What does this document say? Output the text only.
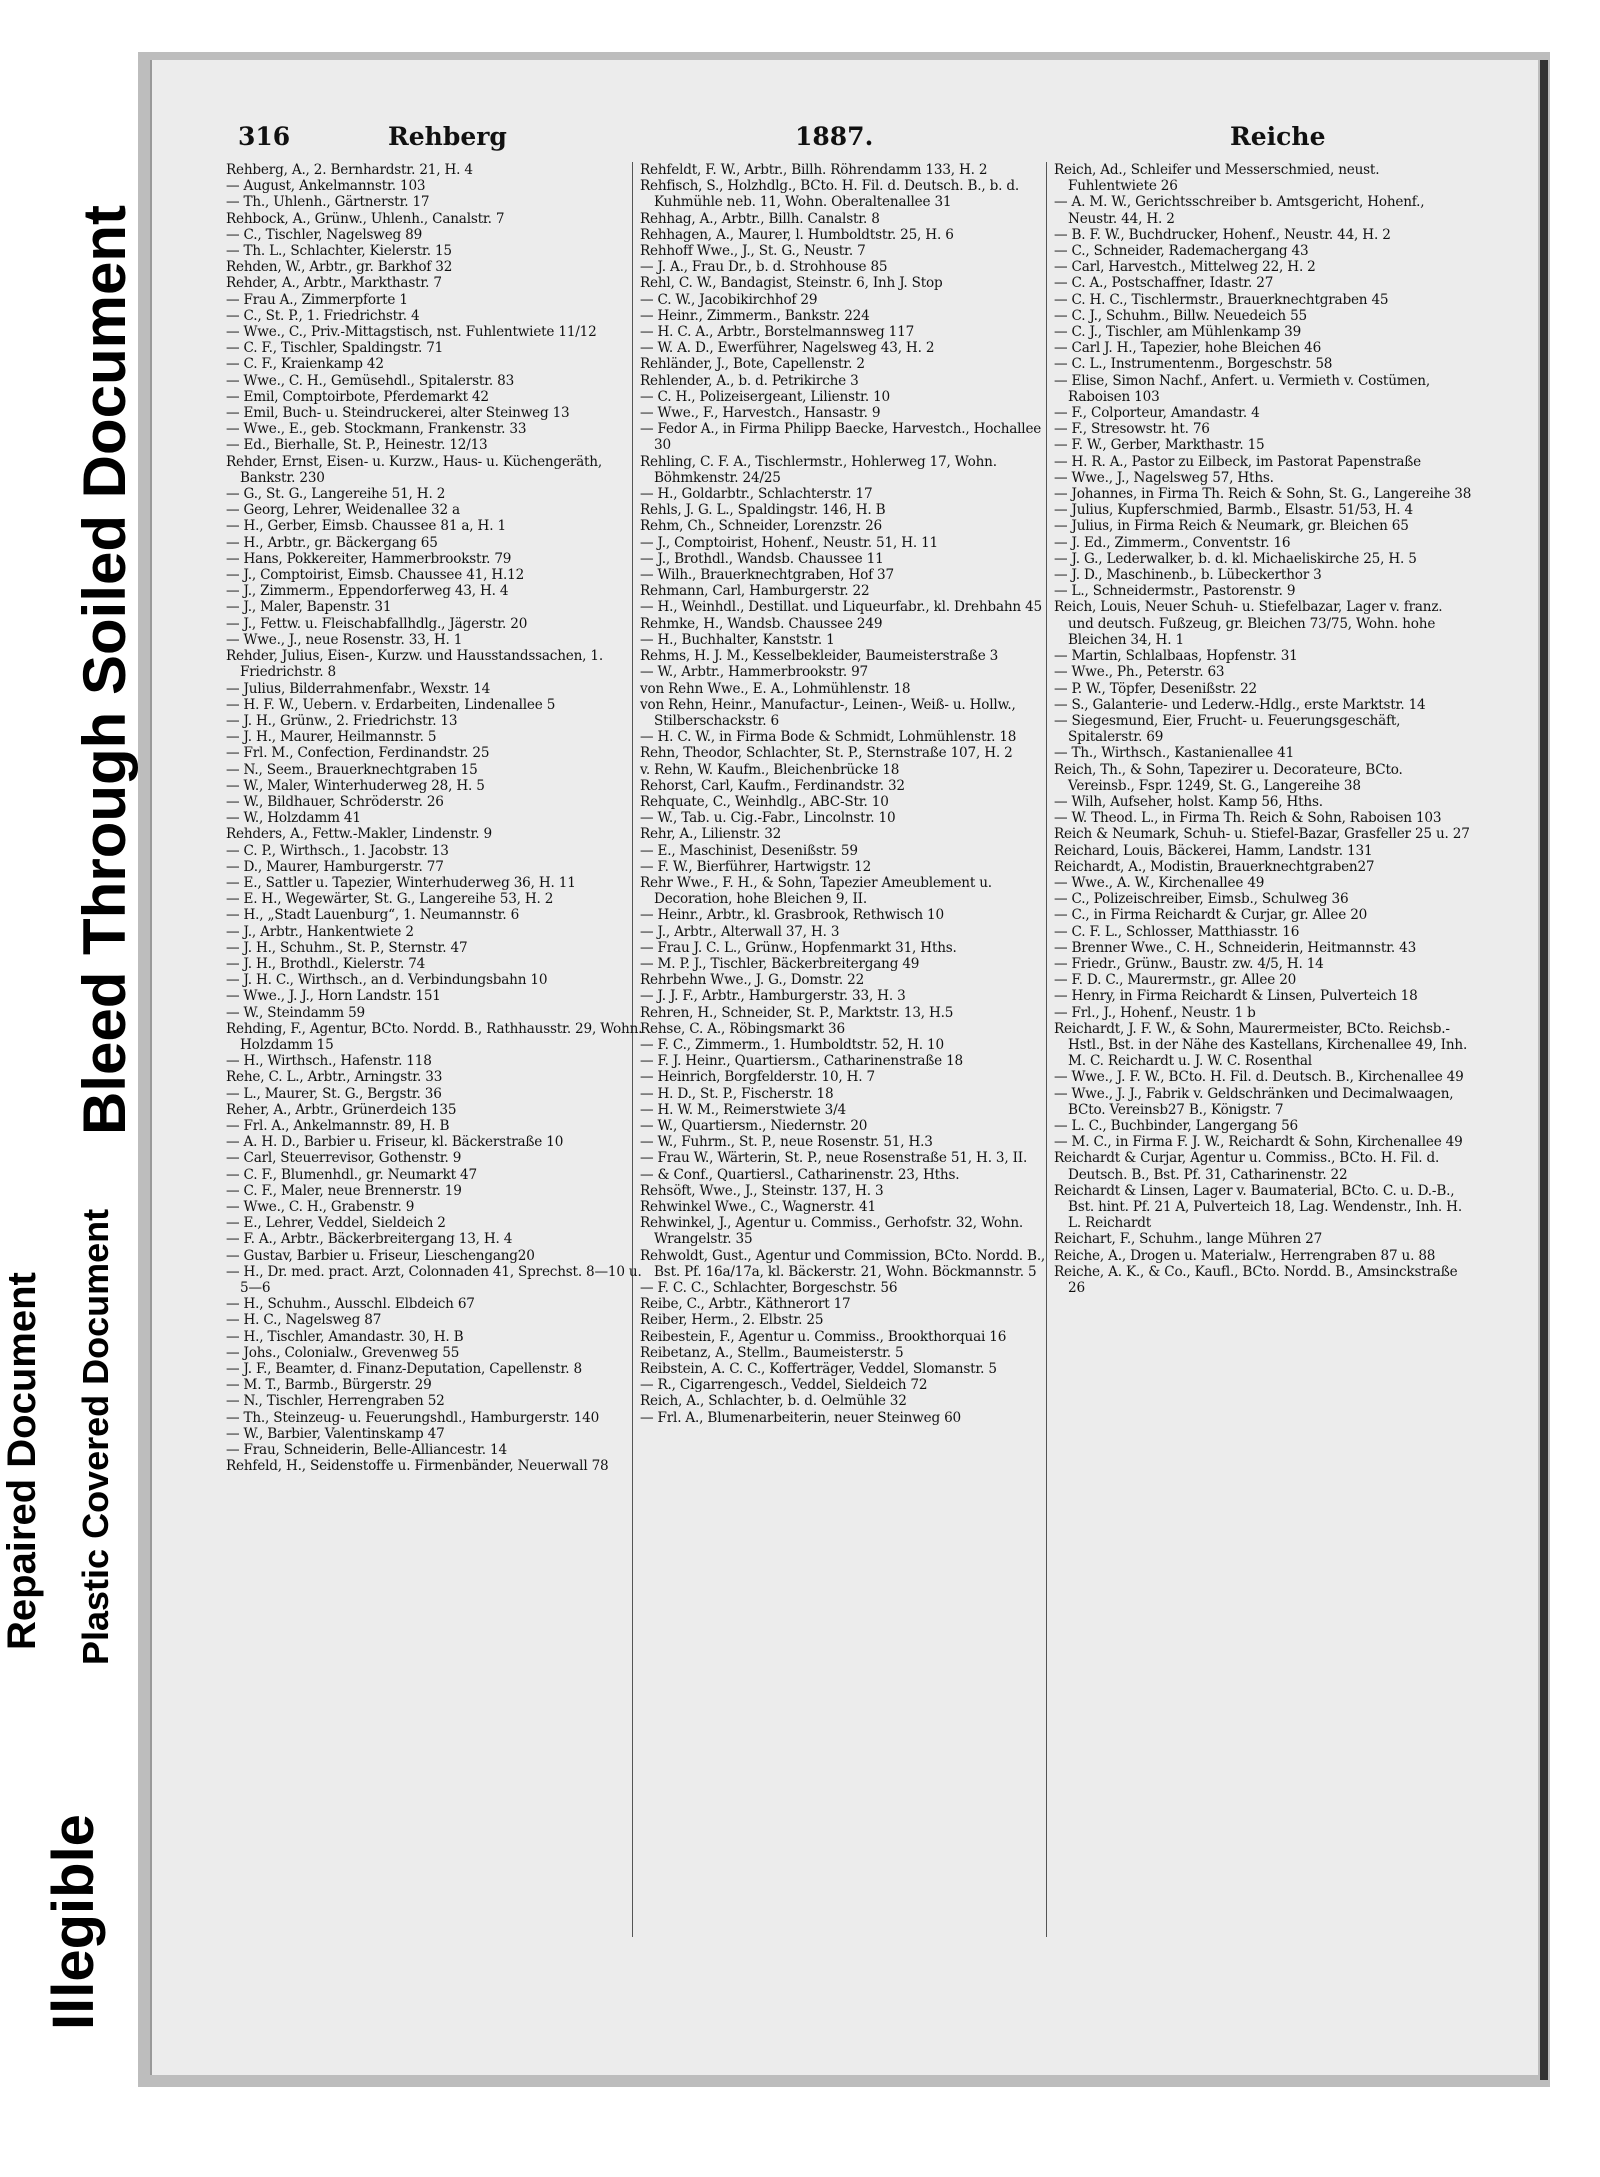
Illegible
Repaired Document Plastic Covered Document
Bleed Through Soiled Document
316	Rehberg	1887.	Reiche
Rehberg, A., 2. Bernhardstr. 21, H. 4
— August, Ankelmannstr. 103
— Th., Uhlenh., Gärtnerstr. 17
Rehbock, A., Grünw., Uhlenh., Canalstr. 7
— C., Tischler, Nagelsweg 89
— Th. L., Schlachter, Kielerstr. 15
Rehden, W., Arbtr., gr. Barkhof 32
Rehder, A., Arbtr., Markthastr. 7
— Frau A., Zimmerpforte 1
— C., St. P., 1. Friedrichstr. 4
— Wwe., C., Priv.-Mittagstisch, nst. Fuhlentwiete 11/12
— C. F., Tischler, Spaldingstr. 71
— C. F., Kraienkamp 42
— Wwe., C. H., Gemüsehdl., Spitalerstr. 83
— Emil, Comptoirbote, Pferdemarkt 42
— Emil, Buch- u. Steindruckerei, alter Steinweg 13
— Wwe., E., geb. Stockmann, Frankenstr. 33
— Ed., Bierhalle, St. P., Heinestr. 12/13
Rehder, Ernst, Eisen- u. Kurzw., Haus- u. Küchengeräth, Bankstr. 230
— G., St. G., Langereihe 51, H. 2
— Georg, Lehrer, Weidenallee 32 a
— H., Gerber, Eimsb. Chaussee 81 a, H. 1
— H., Arbtr., gr. Bäckergang 65
— Hans, Pokkereiter, Hammerbrookstr. 79
— J., Comptoirist, Eimsb. Chaussee 41, H.12
— J., Zimmerm., Eppendorferweg 43, H. 4
— J., Maler, Bapenstr. 31
— J., Fettw. u. Fleischabfallhdlg., Jägerstr. 20
— Wwe., J., neue Rosenstr. 33, H. 1
Rehder, Julius, Eisen-, Kurzw. und Hausstandssachen, 1. Friedrichstr. 8
— Julius, Bilderrahmenfabr., Wexstr. 14
— H. F. W., Uebern. v. Erdarbeiten, Lindenallee 5
— J. H., Grünw., 2. Friedrichstr. 13
— J. H., Maurer, Heilmannstr. 5
— Frl. M., Confection, Ferdinandstr. 25
— N., Seem., Brauerknechtgraben 15
— W., Maler, Winterhuderweg 28, H. 5
— W., Bildhauer, Schröderstr. 26
— W., Holzdamm 41
Rehders, A., Fettw.-Makler, Lindenstr. 9
— C. P., Wirthsch., 1. Jacobstr. 13
— D., Maurer, Hamburgerstr. 77
— E., Sattler u. Tapezier, Winterhuderweg 36, H. 11
— E. H., Wegewärter, St. G., Langereihe 53, H. 2
— H., „Stadt Lauenburg“, 1. Neumannstr. 6
— J., Arbtr., Hankentwiete 2
— J. H., Schuhm., St. P., Sternstr. 47
— J. H., Brothdl., Kielerstr. 74
— J. H. C., Wirthsch., an d. Verbindungsbahn 10
— Wwe., J. J., Horn Landstr. 151
— W., Steindamm 59
Rehding, F., Agentur, BCto. Nordd. B., Rathhausstr. 29, Wohn. Holzdamm 15
— H., Wirthsch., Hafenstr. 118
Rehe, C. L., Arbtr., Arningstr. 33
— L., Maurer, St. G., Bergstr. 36
Reher, A., Arbtr., Grünerdeich 135
— Frl. A., Ankelmannstr. 89, H. B
— A. H. D., Barbier u. Friseur, kl. Bäckerstraße 10
— Carl, Steuerrevisor, Gothenstr. 9
— C. F., Blumenhdl., gr. Neumarkt 47
— C. F., Maler, neue Brennerstr. 19
— Wwe., C. H., Grabenstr. 9
— E., Lehrer, Veddel, Sieldeich 2
— F. A., Arbtr., Bäckerbreitergang 13, H. 4
— Gustav, Barbier u. Friseur, Lieschengang20
— H., Dr. med. pract. Arzt, Colonnaden 41, Sprechst. 8—10 u. 5—6
— H., Schuhm., Ausschl. Elbdeich 67
— H. C., Nagelsweg 87
— H., Tischler, Amandastr. 30, H. B
— Johs., Colonialw., Grevenweg 55
— J. F., Beamter, d. Finanz-Deputation, Capellenstr. 8
— M. T., Barmb., Bürgerstr. 29
— N., Tischler, Herrengraben 52
— Th., Steinzeug- u. Feuerungshdl., Hamburgerstr. 140
— W., Barbier, Valentinskamp 47
— Frau, Schneiderin, Belle-Alliancestr. 14
Rehfeld, H., Seidenstoffe u. Firmenbänder, Neuerwall 78
Rehfeldt, F. W., Arbtr., Billh. Röhrendamm 133, H. 2
Rehfisch, S., Holzhdlg., BCto. H. Fil. d. Deutsch. B., b. d. Kuhmühle neb. 11, Wohn. Oberaltenallee 31
Rehhag, A., Arbtr., Billh. Canalstr. 8
Rehhagen, A., Maurer, l. Humboldtstr. 25, H. 6
Rehhoff Wwe., J., St. G., Neustr. 7
— J. A., Frau Dr., b. d. Strohhouse 85
Rehl, C. W., Bandagist, Steinstr. 6, Inh J. Stop
— C. W., Jacobikirchhof 29
— Heinr., Zimmerm., Bankstr. 224
— H. C. A., Arbtr., Borstelmannsweg 117
— W. A. D., Ewerführer, Nagelsweg 43, H. 2
Rehländer, J., Bote, Capellenstr. 2
Rehlender, A., b. d. Petrikirche 3
— C. H., Polizeisergeant, Lilienstr. 10
— Wwe., F., Harvestch., Hansastr. 9
— Fedor A., in Firma Philipp Baecke, Harvestch., Hochallee 30
Rehling, C. F. A., Tischlermstr., Hohlerweg 17, Wohn. Böhmkenstr. 24/25
— H., Goldarbtr., Schlachterstr. 17
Rehls, J. G. L., Spaldingstr. 146, H. B
Rehm, Ch., Schneider, Lorenzstr. 26
— J., Comptoirist, Hohenf., Neustr. 51, H. 11
— J., Brothdl., Wandsb. Chaussee 11
— Wilh., Brauerknechtgraben, Hof 37
Rehmann, Carl, Hamburgerstr. 22
— H., Weinhdl., Destillat. und Liqueurfabr., kl. Drehbahn 45
Rehmke, H., Wandsb. Chaussee 249
— H., Buchhalter, Kanststr. 1
Rehms, H. J. M., Kesselbekleider, Baumeisterstraße 3
— W., Arbtr., Hammerbrookstr. 97
von Rehn Wwe., E. A., Lohmühlenstr. 18
von Rehn, Heinr., Manufactur-, Leinen-, Weiß- u. Hollw., Stilberschackstr. 6
— H. C. W., in Firma Bode & Schmidt, Lohmühlenstr. 18
Rehn, Theodor, Schlachter, St. P., Sternstraße 107, H. 2
v. Rehn, W. Kaufm., Bleichenbrücke 18
Rehorst, Carl, Kaufm., Ferdinandstr. 32
Rehquate, C., Weinhdlg., ABC-Str. 10
— W., Tab. u. Cig.-Fabr., Lincolnstr. 10
Rehr, A., Lilienstr. 32
— E., Maschinist, Desenißstr. 59
— F. W., Bierführer, Hartwigstr. 12
Rehr Wwe., F. H., & Sohn, Tapezier Ameublement u. Decoration, hohe Bleichen 9, II.
— Heinr., Arbtr., kl. Grasbrook, Rethwisch 10
— J., Arbtr., Alterwall 37, H. 3
— Frau J. C. L., Grünw., Hopfenmarkt 31, Hths.
— M. P. J., Tischler, Bäckerbreitergang 49
Rehrbehn Wwe., J. G., Domstr. 22
— J. J. F., Arbtr., Hamburgerstr. 33, H. 3
Rehren, H., Schneider, St. P., Marktstr. 13, H.5
Rehse, C. A., Röbingsmarkt 36
— F. C., Zimmerm., 1. Humboldtstr. 52, H. 10
— F. J. Heinr., Quartiersm., Catharinenstraße 18
— Heinrich, Borgfelderstr. 10, H. 7
— H. D., St. P., Fischerstr. 18
— H. W. M., Reimerstwiete 3/4
— W., Quartiersm., Niedernstr. 20
— W., Fuhrm., St. P., neue Rosenstr. 51, H.3
— Frau W., Wärterin, St. P., neue Rosenstraße 51, H. 3, II.
— & Conf., Quartiersl., Catharinenstr. 23, Hths.
Rehsöft, Wwe., J., Steinstr. 137, H. 3
Rehwinkel Wwe., C., Wagnerstr. 41
Rehwinkel, J., Agentur u. Commiss., Gerhofstr. 32, Wohn. Wrangelstr. 35
Rehwoldt, Gust., Agentur und Commission, BCto. Nordd. B., Bst. Pf. 16a/17a, kl. Bäckerstr. 21, Wohn. Böckmannstr. 5
— F. C. C., Schlachter, Borgeschstr. 56
Reibe, C., Arbtr., Käthnerort 17
Reiber, Herm., 2. Elbstr. 25
Reibestein, F., Agentur u. Commiss., Brookthorquai 16
Reibetanz, A., Stellm., Baumeisterstr. 5
Reibstein, A. C. C., Kofferträger, Veddel, Slomanstr. 5
— R., Cigarrengesch., Veddel, Sieldeich 72
Reich, A., Schlachter, b. d. Oelmühle 32
— Frl. A., Blumenarbeiterin, neuer Steinweg 60
Reich, Ad., Schleifer und Messerschmied, neust. Fuhlentwiete 26
— A. M. W., Gerichtsschreiber b. Amtsgericht, Hohenf., Neustr. 44, H. 2
— B. F. W., Buchdrucker, Hohenf., Neustr. 44, H. 2
— C., Schneider, Rademachergang 43
— Carl, Harvestch., Mittelweg 22, H. 2
— C. A., Postschaffner, Idastr. 27
— C. H. C., Tischlermstr., Brauerknechtgraben 45
— C. J., Schuhm., Billw. Neuedeich 55
— C. J., Tischler, am Mühlenkamp 39
— Carl J. H., Tapezier, hohe Bleichen 46
— C. L., Instrumentenm., Borgeschstr. 58
— Elise, Simon Nachf., Anfert. u. Vermieth v. Costümen, Raboisen 103
— F., Colporteur, Amandastr. 4
— F., Stresowstr. ht. 76
— F. W., Gerber, Markthastr. 15
— H. R. A., Pastor zu Eilbeck, im Pastorat Papenstraße
— Wwe., J., Nagelsweg 57, Hths.
— Johannes, in Firma Th. Reich & Sohn, St. G., Langereihe 38
— Julius, Kupferschmied, Barmb., Elsastr. 51/53, H. 4
— Julius, in Firma Reich & Neumark, gr. Bleichen 65
— J. Ed., Zimmerm., Conventstr. 16
— J. G., Lederwalker, b. d. kl. Michaeliskirche 25, H. 5
— J. D., Maschinenb., b. Lübeckerthor 3
— L., Schneidermstr., Pastorenstr. 9
Reich, Louis, Neuer Schuh- u. Stiefelbazar, Lager v. franz. und deutsch. Fußzeug, gr. Bleichen 73/75, Wohn. hohe Bleichen 34, H. 1
— Martin, Schlalbaas, Hopfenstr. 31
— Wwe., Ph., Peterstr. 63
— P. W., Töpfer, Desenißstr. 22
— S., Galanterie- und Lederw.-Hdlg., erste Marktstr. 14
— Siegesmund, Eier, Frucht- u. Feuerungsgeschäft, Spitalerstr. 69
— Th., Wirthsch., Kastanienallee 41
Reich, Th., & Sohn, Tapezirer u. Decorateure, BCto. Vereinsb., Fspr. 1249, St. G., Langereihe 38
— Wilh, Aufseher, holst. Kamp 56, Hths.
— W. Theod. L., in Firma Th. Reich & Sohn, Raboisen 103
Reich & Neumark, Schuh- u. Stiefel-Bazar, Grasfeller 25 u. 27
Reichard, Louis, Bäckerei, Hamm, Landstr. 131
Reichardt, A., Modistin, Brauerknechtgraben27
— Wwe., A. W., Kirchenallee 49
— C., Polizeischreiber, Eimsb., Schulweg 36
— C., in Firma Reichardt & Curjar, gr. Allee 20
— C. F. L., Schlosser, Matthiasstr. 16
— Brenner Wwe., C. H., Schneiderin, Heitmannstr. 43
— Friedr., Grünw., Baustr. zw. 4/5, H. 14
— F. D. C., Maurermstr., gr. Allee 20
— Henry, in Firma Reichardt & Linsen, Pulverteich 18
— Frl., J., Hohenf., Neustr. 1 b
Reichardt, J. F. W., & Sohn, Maurermeister, BCto. Reichsb.-Hstl., Bst. in der Nähe des Kastellans, Kirchenallee 49, Inh. M. C. Reichardt u. J. W. C. Rosenthal
— Wwe., J. F. W., BCto. H. Fil. d. Deutsch. B., Kirchenallee 49
— Wwe., J. J., Fabrik v. Geldschränken und Decimalwaagen, BCto. Vereinsb27 B., Königstr. 7
— L. C., Buchbinder, Langergang 56
— M. C., in Firma F. J. W., Reichardt & Sohn, Kirchenallee 49
Reichardt & Curjar, Agentur u. Commiss., BCto. H. Fil. d. Deutsch. B., Bst. Pf. 31, Catharinenstr. 22
Reichardt & Linsen, Lager v. Baumaterial, BCto. C. u. D.-B., Bst. hint. Pf. 21 A, Pulverteich 18, Lag. Wendenstr., Inh. H. L. Reichardt
Reichart, F., Schuhm., lange Mühren 27
Reiche, A., Drogen u. Materialw., Herrengraben 87 u. 88
Reiche, A. K., & Co., Kaufl., BCto. Nordd. B., Amsinckstraße 26
